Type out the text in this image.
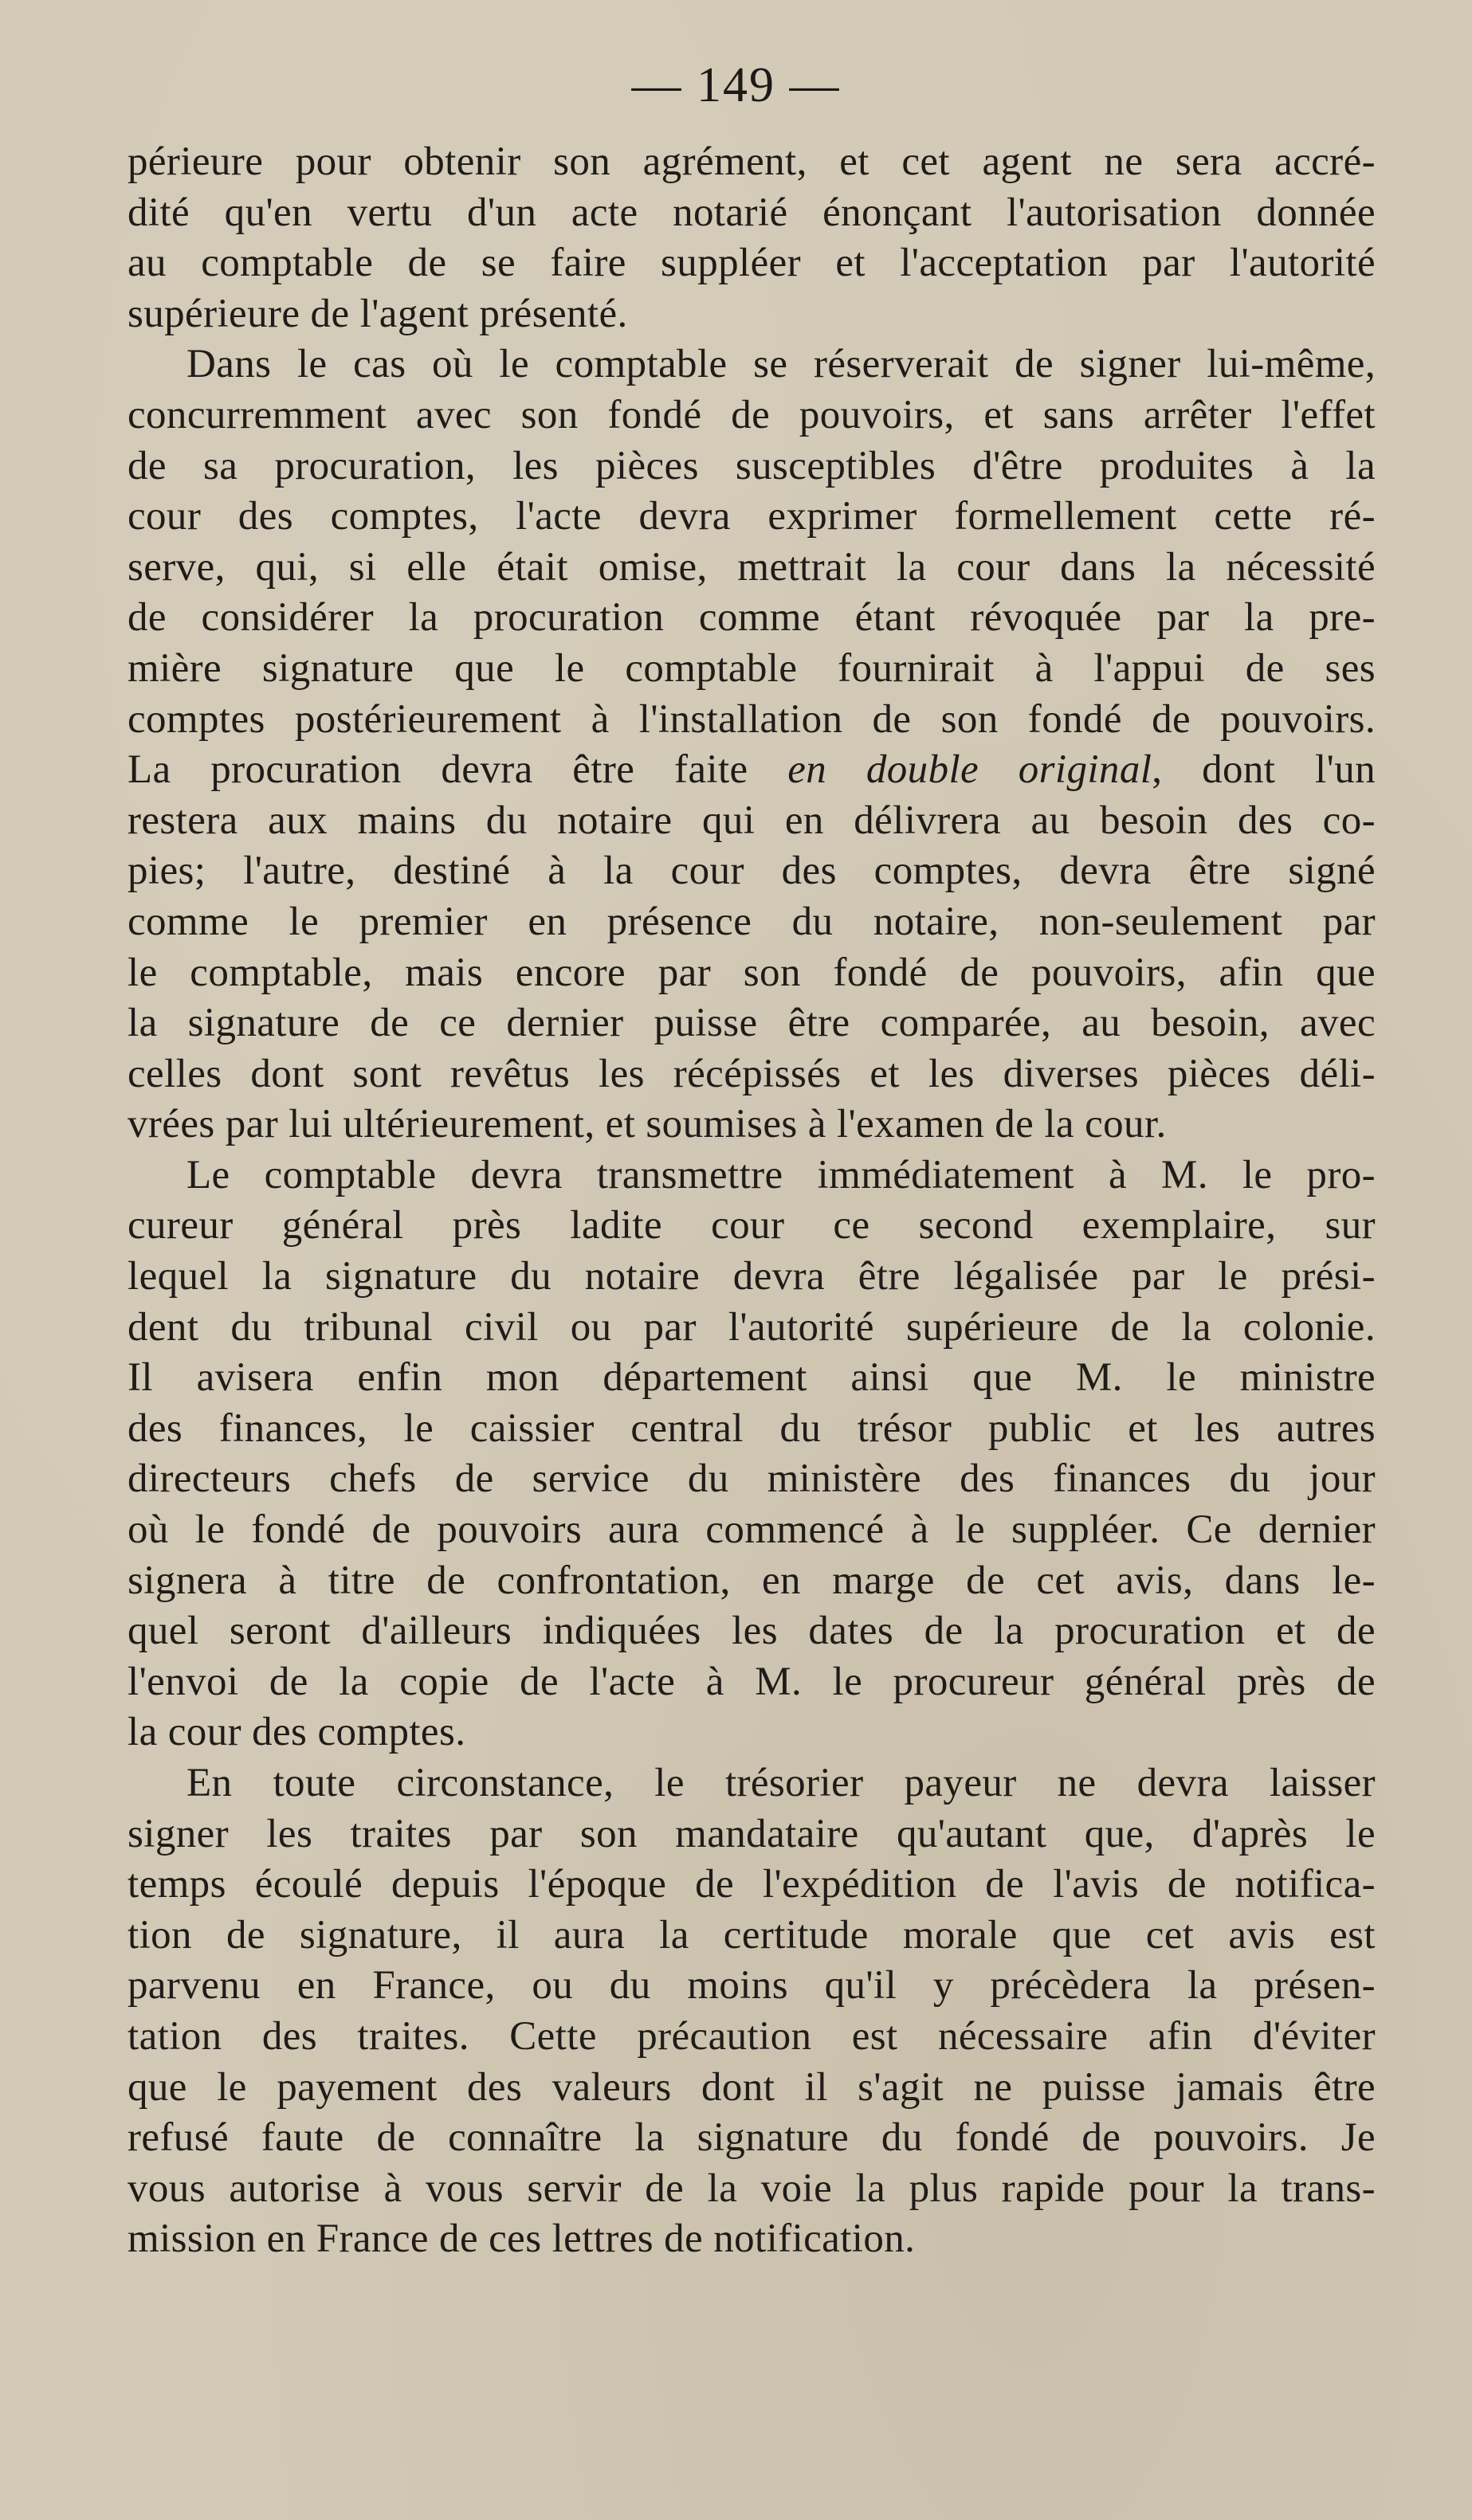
— 149 —
périeure pour obtenir son agrément, et cet agent ne sera accré-
dité qu'en vertu d'un acte notarié énonçant l'autorisation donnée
au comptable de se faire suppléer et l'acceptation par l'autorité
supérieure de l'agent présenté.
Dans le cas où le comptable se réserverait de signer lui-même,
concurremment avec son fondé de pouvoirs, et sans arrêter l'effet
de sa procuration, les pièces susceptibles d'être produites à la
cour des comptes, l'acte devra exprimer formellement cette ré-
serve, qui, si elle était omise, mettrait la cour dans la nécessité
de considérer la procuration comme étant révoquée par la pre-
mière signature que le comptable fournirait à l'appui de ses
comptes postérieurement à l'installation de son fondé de pouvoirs.
La procuration devra être faite en double original, dont l'un
restera aux mains du notaire qui en délivrera au besoin des co-
pies; l'autre, destiné à la cour des comptes, devra être signé
comme le premier en présence du notaire, non-seulement par
le comptable, mais encore par son fondé de pouvoirs, afin que
la signature de ce dernier puisse être comparée, au besoin, avec
celles dont sont revêtus les récépissés et les diverses pièces déli-
vrées par lui ultérieurement, et soumises à l'examen de la cour.
Le comptable devra transmettre immédiatement à M. le pro-
cureur général près ladite cour ce second exemplaire, sur
lequel la signature du notaire devra être légalisée par le prési-
dent du tribunal civil ou par l'autorité supérieure de la colonie.
Il avisera enfin mon département ainsi que M. le ministre
des finances, le caissier central du trésor public et les autres
directeurs chefs de service du ministère des finances du jour
où le fondé de pouvoirs aura commencé à le suppléer. Ce dernier
signera à titre de confrontation, en marge de cet avis, dans le-
quel seront d'ailleurs indiquées les dates de la procuration et de
l'envoi de la copie de l'acte à M. le procureur général près de
la cour des comptes.
En toute circonstance, le trésorier payeur ne devra laisser
signer les traites par son mandataire qu'autant que, d'après le
temps écoulé depuis l'époque de l'expédition de l'avis de notifica-
tion de signature, il aura la certitude morale que cet avis est
parvenu en France, ou du moins qu'il y précèdera la présen-
tation des traites. Cette précaution est nécessaire afin d'éviter
que le payement des valeurs dont il s'agit ne puisse jamais être
refusé faute de connaître la signature du fondé de pouvoirs. Je
vous autorise à vous servir de la voie la plus rapide pour la trans-
mission en France de ces lettres de notification.
